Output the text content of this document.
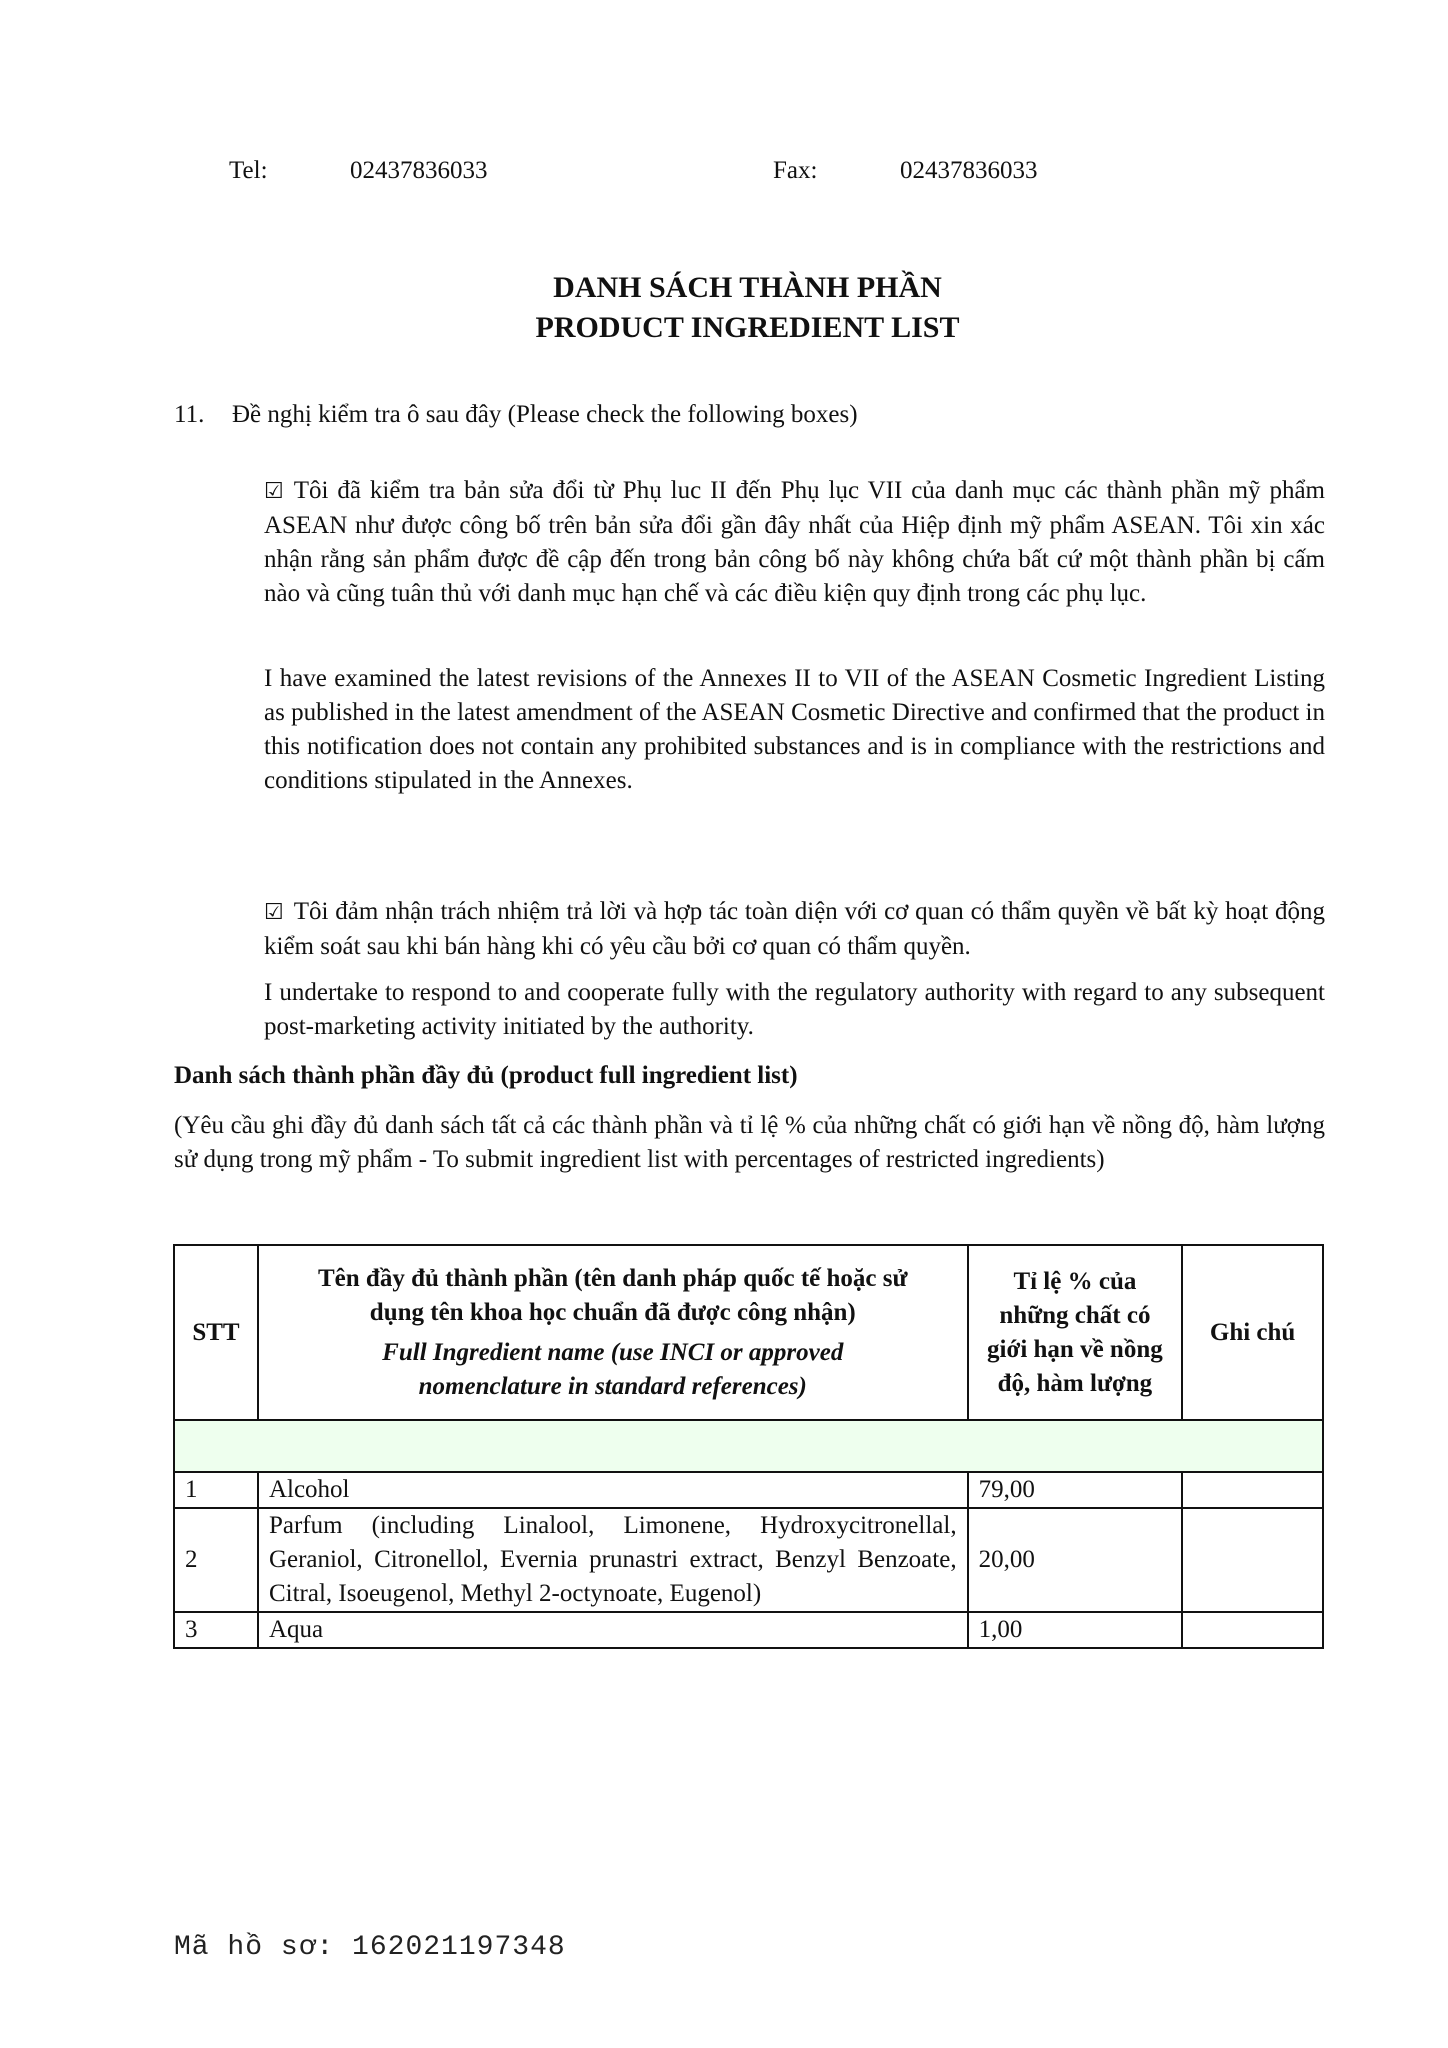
Tel:	02437836033	Fax:	02437836033
DANH SÁCH THÀNH PHẦN
PRODUCT INGREDIENT LIST
11. Đề nghị kiểm tra ô sau đây (Please check the following boxes)
☑ Tôi đã kiểm tra bản sửa đổi từ Phụ luc II đến Phụ lục VII của danh mục các thành phần mỹ phẩm ASEAN như được công bố trên bản sửa đổi gần đây nhất của Hiệp định mỹ phẩm ASEAN. Tôi xin xác nhận rằng sản phẩm được đề cập đến trong bản công bố này không chứa bất cứ một thành phần bị cấm nào và cũng tuân thủ với danh mục hạn chế và các điều kiện quy định trong các phụ lục.
I have examined the latest revisions of the Annexes II to VII of the ASEAN Cosmetic Ingredient Listing as published in the latest amendment of the ASEAN Cosmetic Directive and confirmed that the product in this notification does not contain any prohibited substances and is in compliance with the restrictions and conditions stipulated in the Annexes.
☑ Tôi đảm nhận trách nhiệm trả lời và hợp tác toàn diện với cơ quan có thẩm quyền về bất kỳ hoạt động kiểm soát sau khi bán hàng khi có yêu cầu bởi cơ quan có thẩm quyền.
I undertake to respond to and cooperate fully with the regulatory authority with regard to any subsequent post-marketing activity initiated by the authority.
Danh sách thành phần đầy đủ (product full ingredient list)
(Yêu cầu ghi đầy đủ danh sách tất cả các thành phần và tỉ lệ % của những chất có giới hạn về nồng độ, hàm lượng sử dụng trong mỹ phẩm - To submit ingredient list with percentages of restricted ingredients)
STT	Tên đầy đủ thành phần (tên danh pháp quốc tế hoặc sử dụng tên khoa học chuẩn đã được công nhận)
Full Ingredient name (use INCI or approved nomenclature in standard references)	Tỉ lệ % của những chất có giới hạn về nồng độ, hàm lượng	Ghi chú

1	Alcohol	79,00	
2	Parfum (including Linalool, Limonene, Hydroxycitronellal, Geraniol, Citronellol, Evernia prunastri extract, Benzyl Benzoate, Citral, Isoeugenol, Methyl 2-octynoate, Eugenol)	20,00	
3	Aqua	1,00	
Mã hồ sơ: 162021197348
